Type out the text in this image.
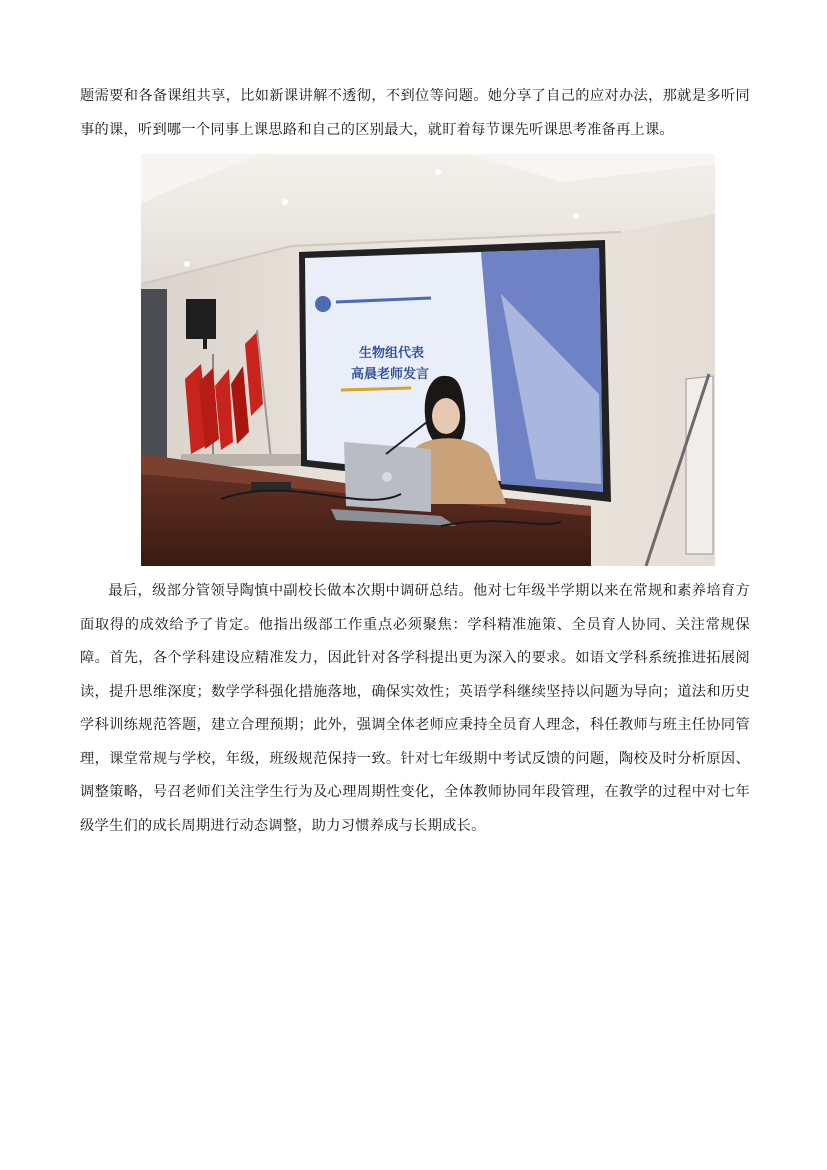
题需要和各备课组共享，比如新课讲解不透彻，不到位等问题。她分享了自己的应对办法，那就是多听同事的课，听到哪一个同事上课思路和自己的区别最大，就盯着每节课先听课思考准备再上课。

生物组代表
高晨老师发言

最后，级部分管领导陶慎中副校长做本次期中调研总结。他对七年级半学期以来在常规和素养培育方面取得的成效给予了肯定。他指出级部工作重点必须聚焦：学科精准施策、全员育人协同、关注常规保障。首先，各个学科建设应精准发力，因此针对各学科提出更为深入的要求。如语文学科系统推进拓展阅读，提升思维深度；数学学科强化措施落地，确保实效性；英语学科继续坚持以问题为导向；道法和历史学科训练规范答题，建立合理预期；此外，强调全体老师应秉持全员育人理念，科任教师与班主任协同管理，课堂常规与学校，年级，班级规范保持一致。针对七年级期中考试反馈的问题，陶校及时分析原因、调整策略，号召老师们关注学生行为及心理周期性变化，全体教师协同年段管理，在教学的过程中对七年级学生们的成长周期进行动态调整，助力习惯养成与长期成长。
